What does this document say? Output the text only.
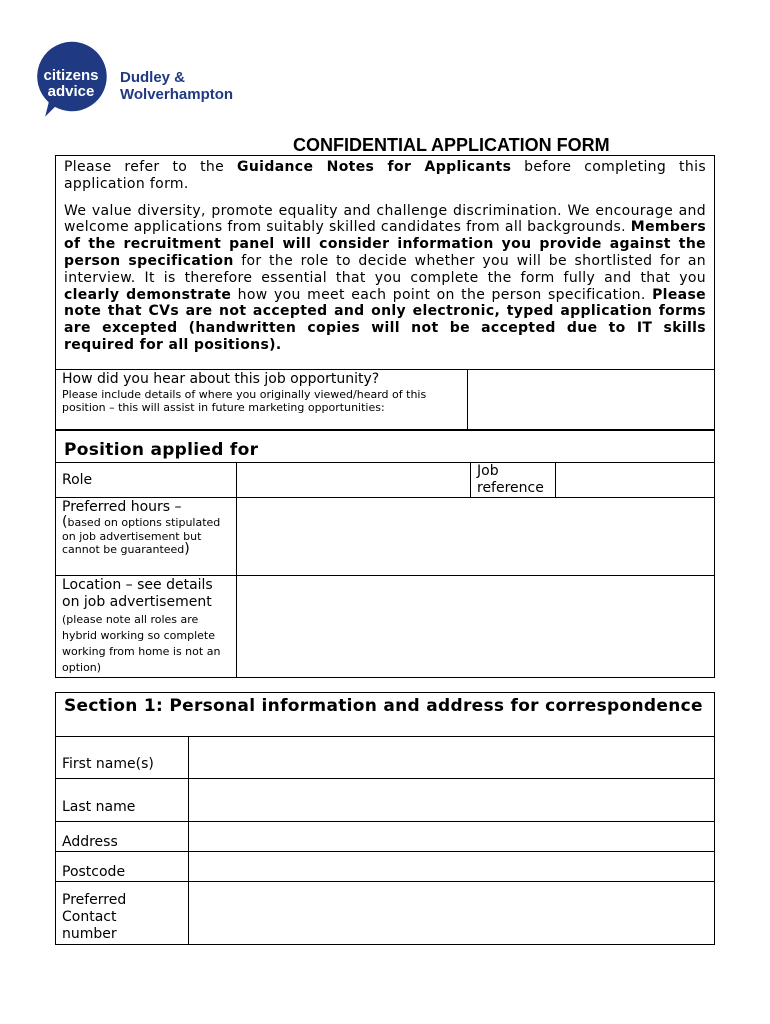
citizens
advice
Dudley &
Wolverhampton
CONFIDENTIAL APPLICATION FORM

Please refer to the Guidance Notes for Applicants before completing this application form.

We value diversity, promote equality and challenge discrimination. We encourage and welcome applications from suitably skilled candidates from all backgrounds. Members of the recruitment panel will consider information you provide against the person specification for the role to decide whether you will be shortlisted for an interview. It is therefore essential that you complete the form fully and that you clearly demonstrate how you meet each point on the person specification. Please note that CVs are not accepted and only electronic, typed application forms are excepted (handwritten copies will not be accepted due to IT skills required for all positions).

How did you hear about this job opportunity?
Please include details of where you originally viewed/heard of this position – this will assist in future marketing opportunities:

Position applied for
Role		Job reference	

Preferred hours –
(based on options stipulated on job advertisement but cannot be guaranteed)			

Location – see details on job advertisement (please note all roles are hybrid working so complete working from home is not an option)			
Section 1: Personal information and address for correspondence
First name(s)	
Last name	
Address	
Postcode	
Preferred Contact number	
